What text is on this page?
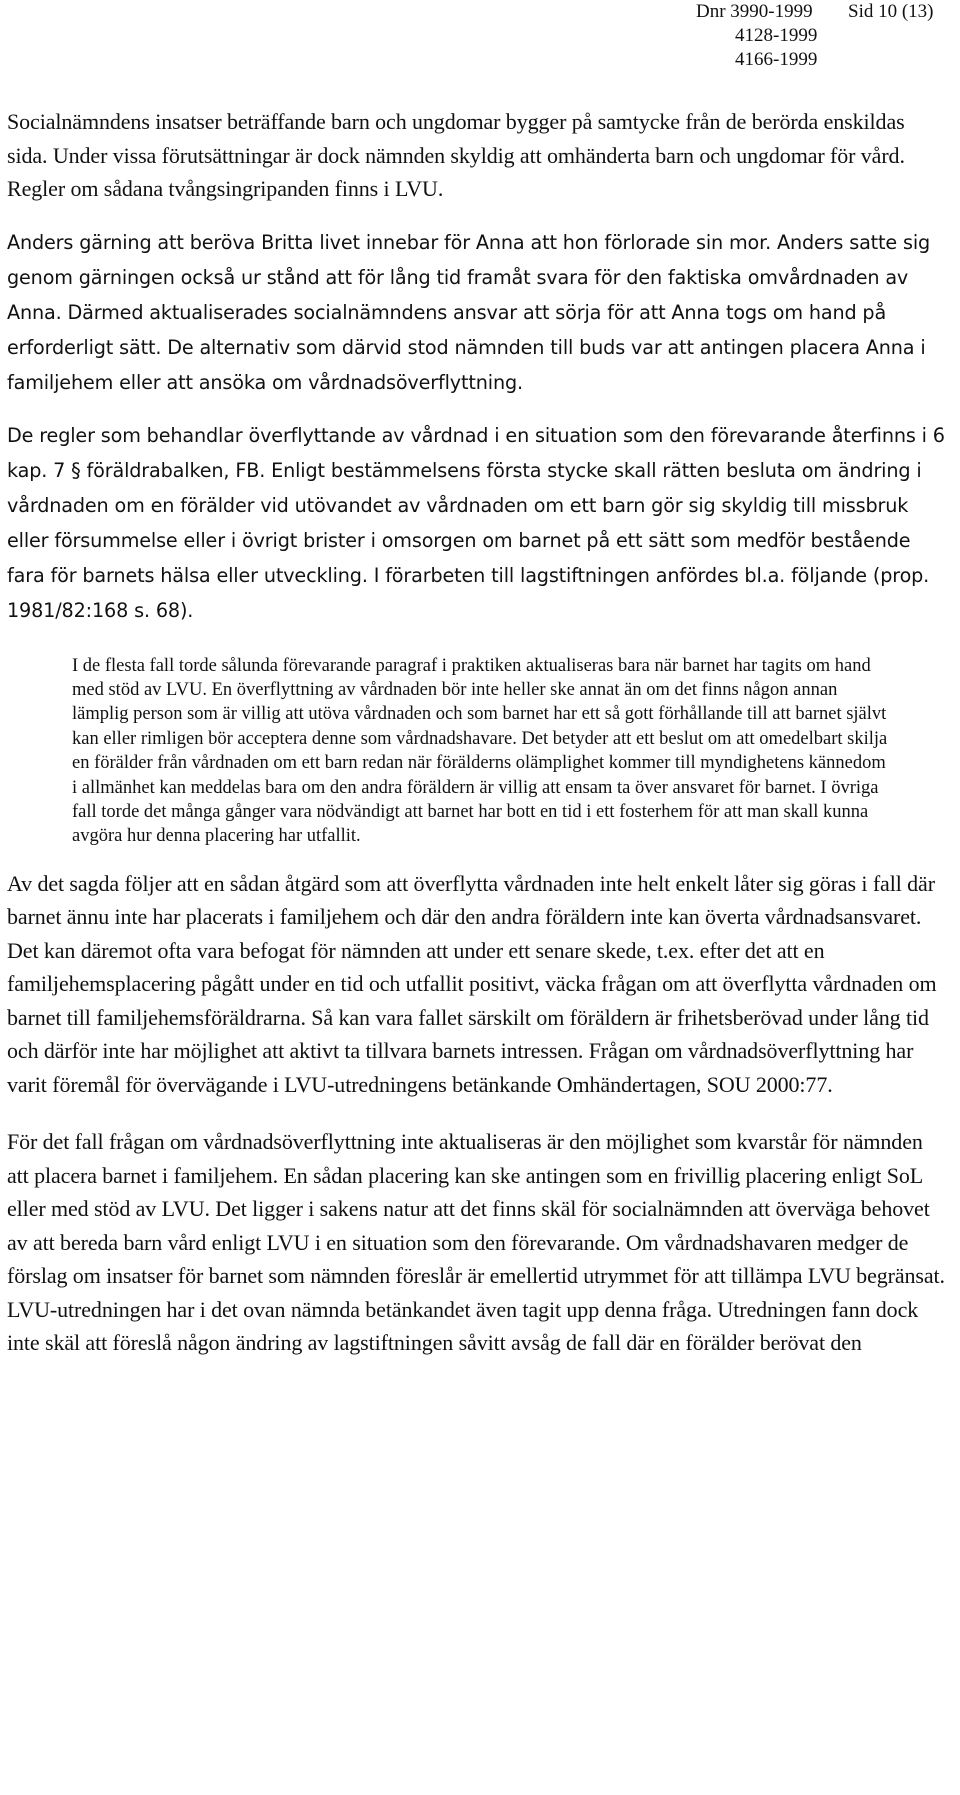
Dnr 3990-1999 Sid 10 (13)
4128-1999
4166-1999

Socialnämndens insatser beträffande barn och ungdomar bygger på samtycke från de berörda enskildas sida. Under vissa förutsättningar är dock nämnden skyldig att omhänderta barn och ungdomar för vård. Regler om sådana tvångsingripanden finns i LVU.

Anders gärning att beröva Britta livet innebar för Anna att hon förlorade sin mor. Anders satte sig genom gärningen också ur stånd att för lång tid framåt svara för den faktiska omvårdnaden av Anna. Därmed aktualiserades socialnämndens ansvar att sörja för att Anna togs om hand på erforderligt sätt. De alternativ som därvid stod nämnden till buds var att antingen placera Anna i familjehem eller att ansöka om vårdnadsöverflyttning.

De regler som behandlar överflyttande av vårdnad i en situation som den förevarande återfinns i 6 kap. 7 § föräldrabalken, FB. Enligt bestämmelsens första stycke skall rätten besluta om ändring i vårdnaden om en förälder vid utövandet av vårdnaden om ett barn gör sig skyldig till missbruk eller försummelse eller i övrigt brister i omsorgen om barnet på ett sätt som medför bestående fara för barnets hälsa eller utveckling. I förarbeten till lagstiftningen anfördes bl.a. följande (prop. 1981/82:168 s. 68).

I de flesta fall torde sålunda förevarande paragraf i praktiken aktualiseras bara när barnet har tagits om hand med stöd av LVU. En överflyttning av vårdnaden bör inte heller ske annat än om det finns någon annan lämplig person som är villig att utöva vårdnaden och som barnet har ett så gott förhållande till att barnet självt kan eller rimligen bör acceptera denne som vårdnadshavare. Det betyder att ett beslut om att omedelbart skilja en förälder från vårdnaden om ett barn redan när förälderns olämplighet kommer till myndighetens kännedom i allmänhet kan meddelas bara om den andra föräldern är villig att ensam ta över ansvaret för barnet. I övriga fall torde det många gånger vara nödvändigt att barnet har bott en tid i ett fosterhem för att man skall kunna avgöra hur denna placering har utfallit.

Av det sagda följer att en sådan åtgärd som att överflytta vårdnaden inte helt enkelt låter sig göras i fall där barnet ännu inte har placerats i familjehem och där den andra föräldern inte kan överta vårdnadsansvaret. Det kan däremot ofta vara befogat för nämnden att under ett senare skede, t.ex. efter det att en familjehemsplacering pågått under en tid och utfallit positivt, väcka frågan om att överflytta vårdnaden om barnet till familjehemsföräldrarna. Så kan vara fallet särskilt om föräldern är frihetsberövad under lång tid och därför inte har möjlighet att aktivt ta tillvara barnets intressen. Frågan om vårdnadsöverflyttning har varit föremål för övervägande i LVU-utredningens betänkande Omhändertagen, SOU 2000:77.

För det fall frågan om vårdnadsöverflyttning inte aktualiseras är den möjlighet som kvarstår för nämnden att placera barnet i familjehem. En sådan placering kan ske antingen som en frivillig placering enligt SoL eller med stöd av LVU. Det ligger i sakens natur att det finns skäl för socialnämnden att överväga behovet av att bereda barn vård enligt LVU i en situation som den förevarande. Om vårdnadshavaren medger de förslag om insatser för barnet som nämnden föreslår är emellertid utrymmet för att tillämpa LVU begränsat. LVU-utredningen har i det ovan nämnda betänkandet även tagit upp denna fråga. Utredningen fann dock inte skäl att föreslå någon ändring av lagstiftningen såvitt avsåg de fall där en förälder berövat den
